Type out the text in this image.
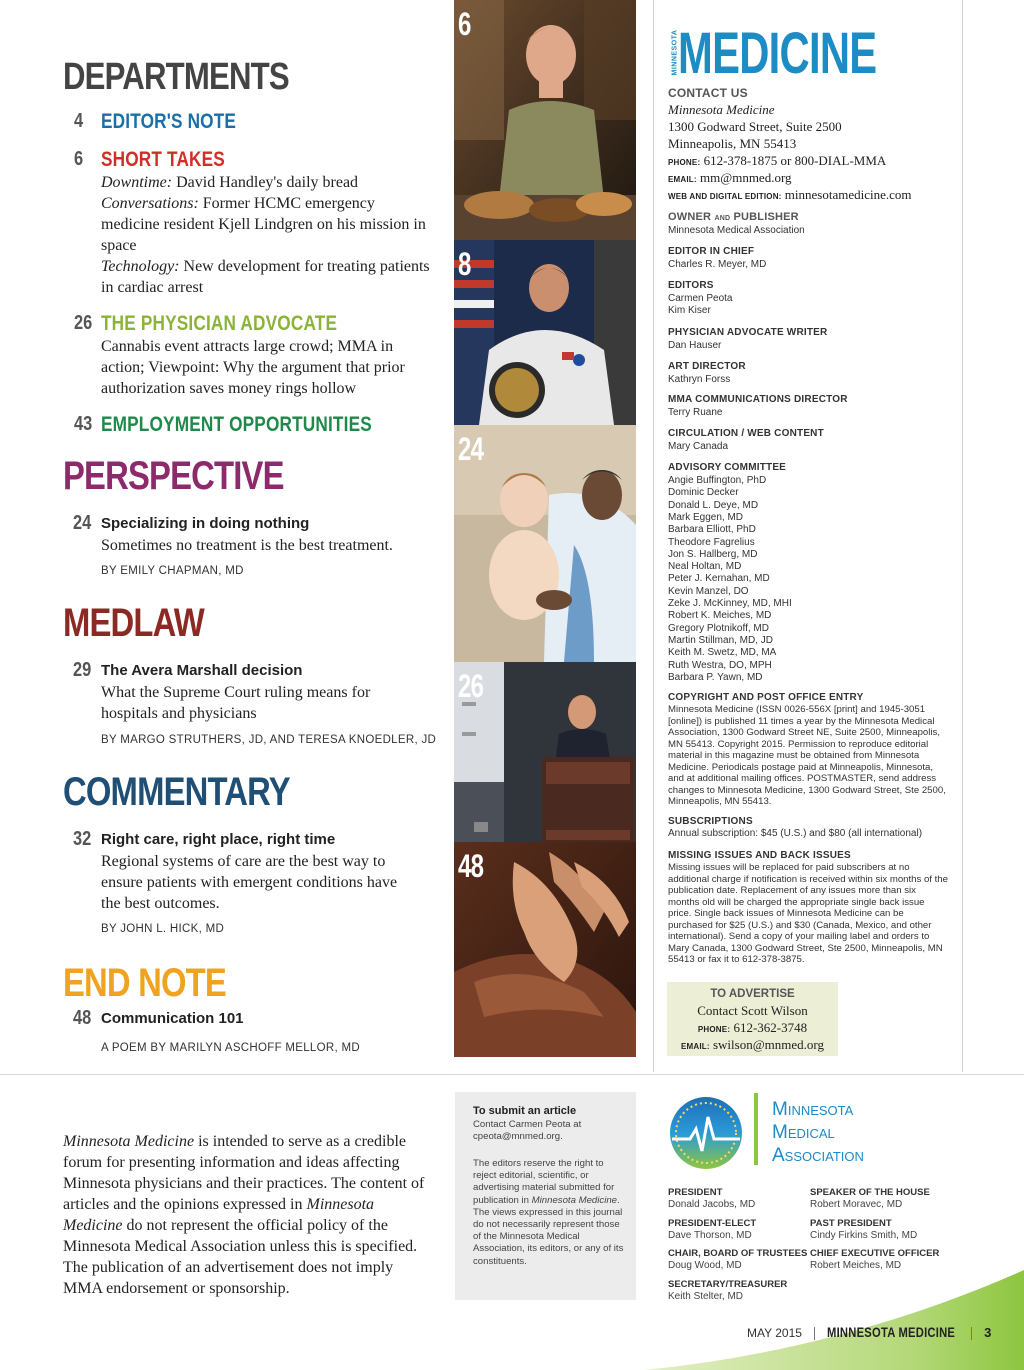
DEPARTMENTS
4 EDITOR'S NOTE
6 SHORT TAKES
Downtime: David Handley's daily bread
Conversations: Former HCMC emergency medicine resident Kjell Lindgren on his mission in space
Technology: New development for treating patients in cardiac arrest
26 THE PHYSICIAN ADVOCATE
Cannabis event attracts large crowd; MMA in action; Viewpoint: Why the argument that prior authorization saves money rings hollow
43 EMPLOYMENT OPPORTUNITIES
PERSPECTIVE
24 Specializing in doing nothing
Sometimes no treatment is the best treatment.
BY EMILY CHAPMAN, MD
MEDLAW
29 The Avera Marshall decision
What the Supreme Court ruling means for hospitals and physicians
BY MARGO STRUTHERS, JD, AND TERESA KNOEDLER, JD
COMMENTARY
32 Right care, right place, right time
Regional systems of care are the best way to ensure patients with emergent conditions have the best outcomes.
BY JOHN L. HICK, MD
END NOTE
48 Communication 101
A POEM BY MARILYN ASCHOFF MELLOR, MD
6
8
24
26
48
MINNESOTA MEDICINE
CONTACT US
Minnesota Medicine
1300 Godward Street, Suite 2500
Minneapolis, MN 55413
PHONE: 612-378-1875 or 800-DIAL-MMA
EMAIL: mm@mnmed.org
WEB AND DIGITAL EDITION: minnesotamedicine.com
OWNER AND PUBLISHER
Minnesota Medical Association
EDITOR IN CHIEF
Charles R. Meyer, MD
EDITORS
Carmen Peota
Kim Kiser
PHYSICIAN ADVOCATE WRITER
Dan Hauser
ART DIRECTOR
Kathryn Forss
MMA COMMUNICATIONS DIRECTOR
Terry Ruane
CIRCULATION / WEB CONTENT
Mary Canada
ADVISORY COMMITTEE
Angie Buffington, PhD
Dominic Decker
Donald L. Deye, MD
Mark Eggen, MD
Barbara Elliott, PhD
Theodore Fagrelius
Jon S. Hallberg, MD
Neal Holtan, MD
Peter J. Kernahan, MD
Kevin Manzel, DO
Zeke J. McKinney, MD, MHI
Robert K. Meiches, MD
Gregory Plotnikoff, MD
Martin Stillman, MD, JD
Keith M. Swetz, MD, MA
Ruth Westra, DO, MPH
Barbara P. Yawn, MD
COPYRIGHT AND POST OFFICE ENTRY
Minnesota Medicine (ISSN 0026-556X [print] and 1945-3051 [online]) is published 11 times a year by the Minnesota Medical Association, 1300 Godward Street NE, Suite 2500, Minneapolis, MN 55413. Copyright 2015. Permission to reproduce editorial material in this magazine must be obtained from Minnesota Medicine. Periodicals postage paid at Minneapolis, Minnesota, and at additional mailing offices. POSTMASTER, send address changes to Minnesota Medicine, 1300 Godward Street, Ste 2500, Minneapolis, MN 55413.
SUBSCRIPTIONS
Annual subscription: $45 (U.S.) and $80 (all international)
MISSING ISSUES AND BACK ISSUES
Missing issues will be replaced for paid subscribers at no additional charge if notification is received within six months of the publication date. Replacement of any issues more than six months old will be charged the appropriate single back issue price. Single back issues of Minnesota Medicine can be purchased for $25 (U.S.) and $30 (Canada, Mexico, and other international). Send a copy of your mailing label and orders to Mary Canada, 1300 Godward Street, Ste 2500, Minneapolis, MN 55413 or fax it to 612-378-3875.
TO ADVERTISE
Contact Scott Wilson
PHONE: 612-362-3748
EMAIL: swilson@mnmed.org
Minnesota Medicine is intended to serve as a credible forum for presenting information and ideas affecting Minnesota physicians and their practices. The content of articles and the opinions expressed in Minnesota Medicine do not represent the official policy of the Minnesota Medical Association unless this is specified. The publication of an advertisement does not imply MMA endorsement or sponsorship.
To submit an article
Contact Carmen Peota at cpeota@mnmed.org.
The editors reserve the right to reject editorial, scientific, or advertising material submitted for publication in Minnesota Medicine. The views expressed in this journal do not necessarily represent those of the Minnesota Medical Association, its editors, or any of its constituents.
Minnesota
Medical
Association
PRESIDENT
Donald Jacobs, MD
PRESIDENT-ELECT
Dave Thorson, MD
CHAIR, BOARD OF TRUSTEES
Doug Wood, MD
SECRETARY/TREASURER
Keith Stelter, MD
SPEAKER OF THE HOUSE
Robert Moravec, MD
PAST PRESIDENT
Cindy Firkins Smith, MD
CHIEF EXECUTIVE OFFICER
Robert Meiches, MD
MAY 2015 MINNESOTA MEDICINE 3
